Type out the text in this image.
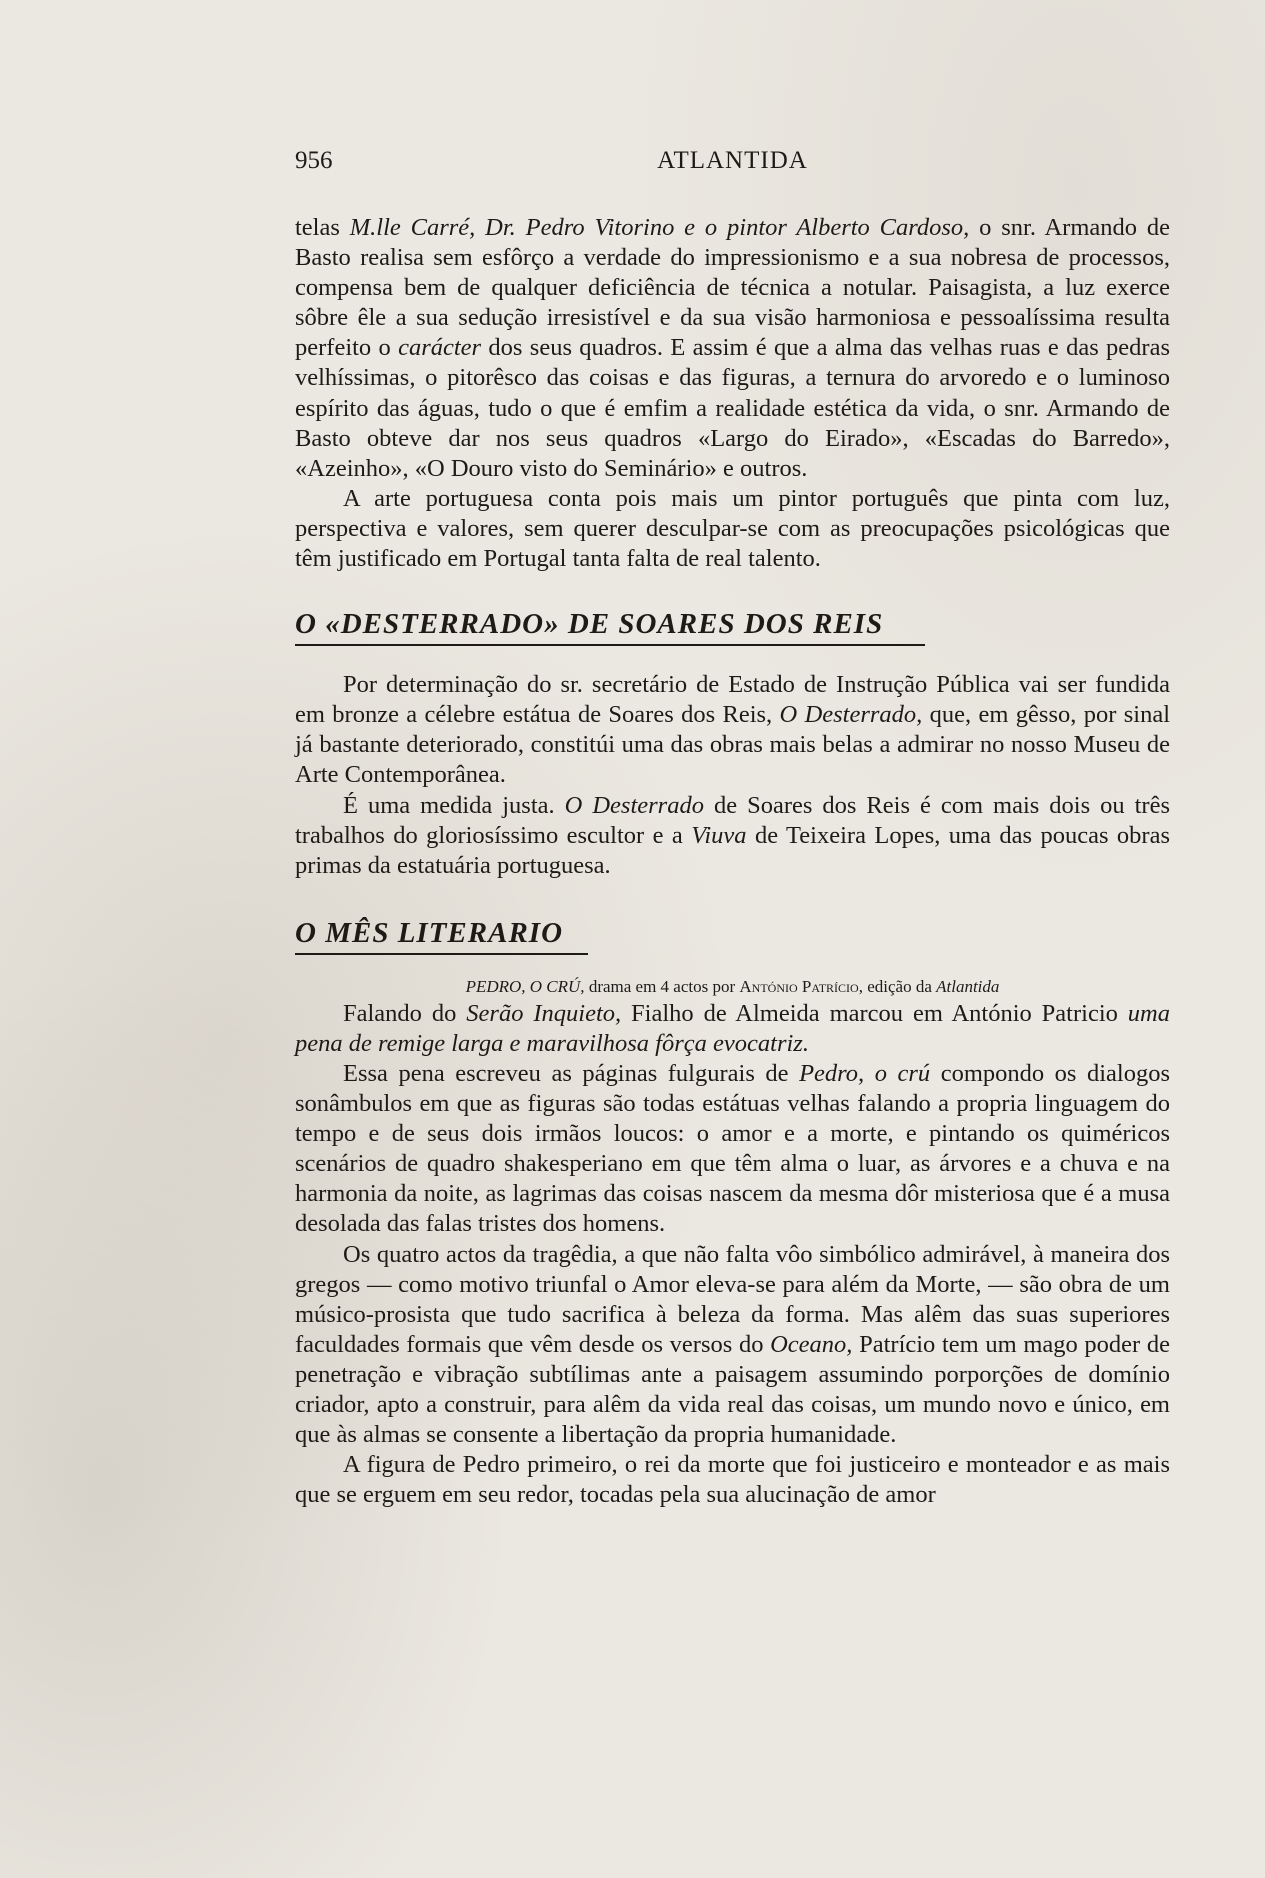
956	ATLANTIDA

telas M.lle Carré, Dr. Pedro Vitorino e o pintor Alberto Cardoso, o snr. Armando de Basto realisa sem esfôrço a verdade do impressionismo e a sua nobresa de processos, compensa bem de qualquer deficiência de técnica a notular. Paisagista, a luz exerce sôbre êle a sua sedução irresistível e da sua visão harmoniosa e pessoalíssima resulta perfeito o carácter dos seus quadros. E assim é que a alma das velhas ruas e das pedras velhíssimas, o pitorêsco das coisas e das figuras, a ternura do arvoredo e o luminoso espírito das águas, tudo o que é emfim a realidade estética da vida, o snr. Armando de Basto obteve dar nos seus quadros «Largo do Eirado», «Escadas do Barredo», «Azeinho», «O Douro visto do Seminário» e outros.

A arte portuguesa conta pois mais um pintor português que pinta com luz, perspectiva e valores, sem querer desculpar-se com as preocupações psicológicas que têm justificado em Portugal tanta falta de real talento.

O «DESTERRADO» DE SOARES DOS REIS

Por determinação do sr. secretário de Estado de Instrução Pública vai ser fundida em bronze a célebre estátua de Soares dos Reis, O Desterrado, que, em gêsso, por sinal já bastante deteriorado, constitúi uma das obras mais belas a admirar no nosso Museu de Arte Contemporânea.

É uma medida justa. O Desterrado de Soares dos Reis é com mais dois ou três trabalhos do gloriosíssimo escultor e a Viuva de Teixeira Lopes, uma das poucas obras primas da estatuária portuguesa.

O MÊS LITERARIO

PEDRO, O CRÚ, drama em 4 actos por António Patrício, edição da Atlantida

Falando do Serão Inquieto, Fialho de Almeida marcou em António Patricio uma pena de remige larga e maravilhosa fôrça evocatriz.

Essa pena escreveu as páginas fulgurais de Pedro, o crú compondo os dialogos sonâmbulos em que as figuras são todas estátuas velhas falando a propria linguagem do tempo e de seus dois irmãos loucos: o amor e a morte, e pintando os quiméricos scenários de quadro shakesperiano em que têm alma o luar, as árvores e a chuva e na harmonia da noite, as lagrimas das coisas nascem da mesma dôr misteriosa que é a musa desolada das falas tristes dos homens.

Os quatro actos da tragêdia, a que não falta vôo simbólico admirável, à maneira dos gregos — como motivo triunfal o Amor eleva-se para além da Morte, — são obra de um músico-prosista que tudo sacrifica à beleza da forma. Mas alêm das suas superiores faculdades formais que vêm desde os versos do Oceano, Patrício tem um mago poder de penetração e vibração subtílimas ante a paisagem assumindo porporções de domínio criador, apto a construir, para alêm da vida real das coisas, um mundo novo e único, em que às almas se consente a libertação da propria humanidade.

A figura de Pedro primeiro, o rei da morte que foi justiceiro e monteador e as mais que se erguem em seu redor, tocadas pela sua alucinação de amor
